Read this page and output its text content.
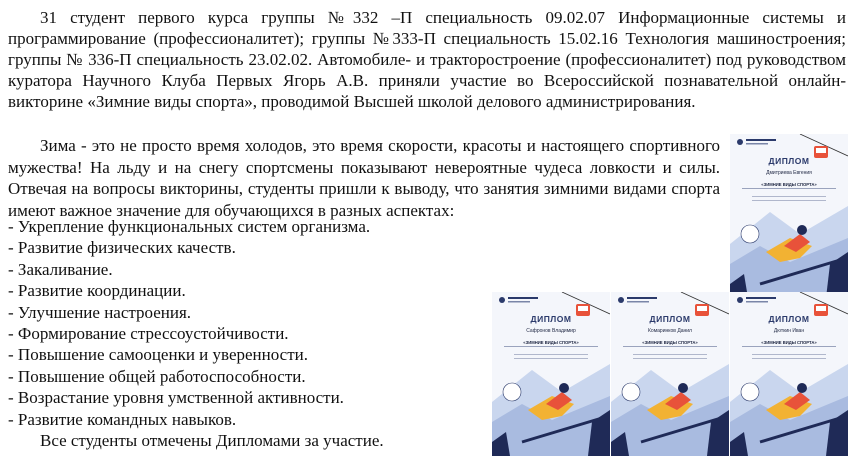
31 студент первого курса группы №332 –П специальность 09.02.07 Информационные системы и программирование (профессионалитет); группы №333-П специальность 15.02.16 Технология машиностроения; группы № 336-П специальность 23.02.02. Автомобиле- и тракторостроение (профессионалитет) под руководством куратора Научного Клуба Первых Ягорь А.В. приняли участие во Всероссийской познавательной онлайн-викторине «Зимние виды спорта», проводимой Высшей школой делового администрирования.

Зима - это не просто время холодов, это время скорости, красоты и настоящего спортивного мужества! На льду и на снегу спортсмены показывают невероятные чудеса ловкости и силы. Отвечая на вопросы викторины, студенты пришли к выводу, что занятия зимними видами спорта имеют важное значение для обучающихся в разных аспектах:

- Укрепление функциональных систем организма.
- Развитие физических качеств.
- Закаливание.
- Развитие координации.
- Улучшение настроения.
- Формирование стрессоустойчивости.
- Повышение самооценки и уверенности.
- Повышение общей работоспособности.
- Возрастание уровня умственной активности.
- Развитие командных навыков.

Все студенты отмечены Дипломами за участие.

ДИПЛОМ
Дмитриева Евгения
«ЗИМНИЕ ВИДЫ СПОРТА»
ДИПЛОМ
Сафронов Владимир
«ЗИМНИЕ ВИДЫ СПОРТА»
ДИПЛОМ
Комаринков Данил
«ЗИМНИЕ ВИДЫ СПОРТА»
ДИПЛОМ
Дюткин Иван
«ЗИМНИЕ ВИДЫ СПОРТА»
